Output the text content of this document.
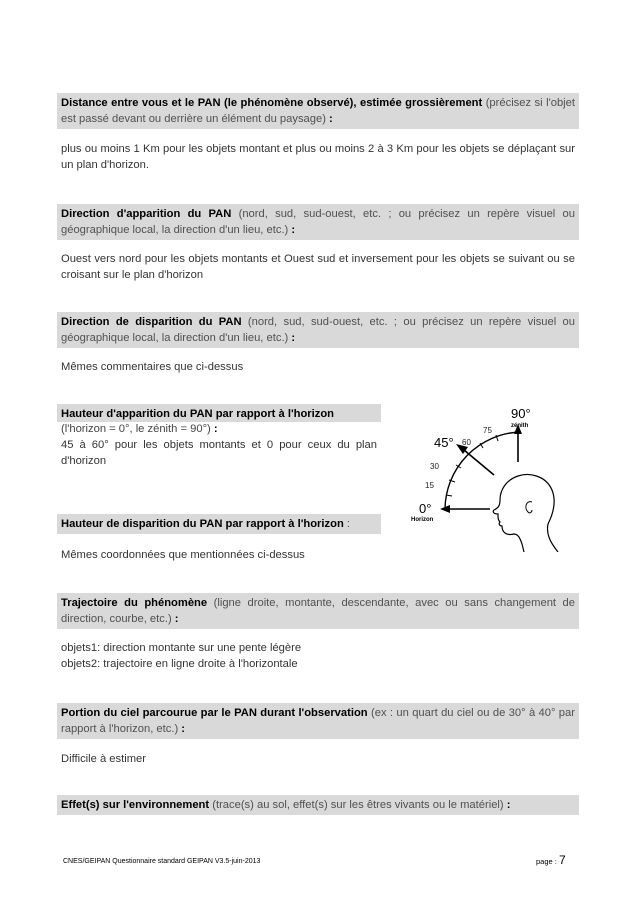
Distance entre vous et le PAN (le phénomène observé), estimée grossièrement (précisez si l'objet est passé devant ou derrière un élément du paysage) :
plus ou moins 1 Km pour les objets montant et plus ou moins 2 à 3 Km pour les objets se déplaçant sur un plan d'horizon.
Direction d'apparition du PAN (nord, sud, sud-ouest, etc. ; ou précisez un repère visuel ou géographique local, la direction d'un lieu, etc.) :
Ouest vers nord pour les objets montants et Ouest sud et inversement pour les objets se suivant ou se croisant sur le plan d'horizon
Direction de disparition du PAN (nord, sud, sud-ouest, etc. ; ou précisez un repère visuel ou géographique local, la direction d'un lieu, etc.) :
Mêmes commentaires que ci-dessus
Hauteur d'apparition du PAN par rapport à l'horizon
(l'horizon = 0°, le zénith = 90°) :
45 à 60° pour les objets montants et 0 pour ceux du plan d'horizon
Hauteur de disparition du PAN par rapport à l'horizon :
Mêmes coordonnées que mentionnées ci-dessus
90°
zénith
75
60
45°
30
15
0°
Horizon
Trajectoire du phénomène (ligne droite, montante, descendante, avec ou sans changement de direction, courbe, etc.) :
objets1: direction montante sur une pente légère
objets2: trajectoire en ligne droite à l'horizontale
Portion du ciel parcourue par le PAN durant l'observation (ex : un quart du ciel ou de 30° à 40° par rapport à l'horizon, etc.) :
Difficile à estimer
Effet(s) sur l'environnement (trace(s) au sol, effet(s) sur les êtres vivants ou le matériel) :
CNES/GEIPAN Questionnaire standard GEIPAN V3.5-juin-2013	page : 7
